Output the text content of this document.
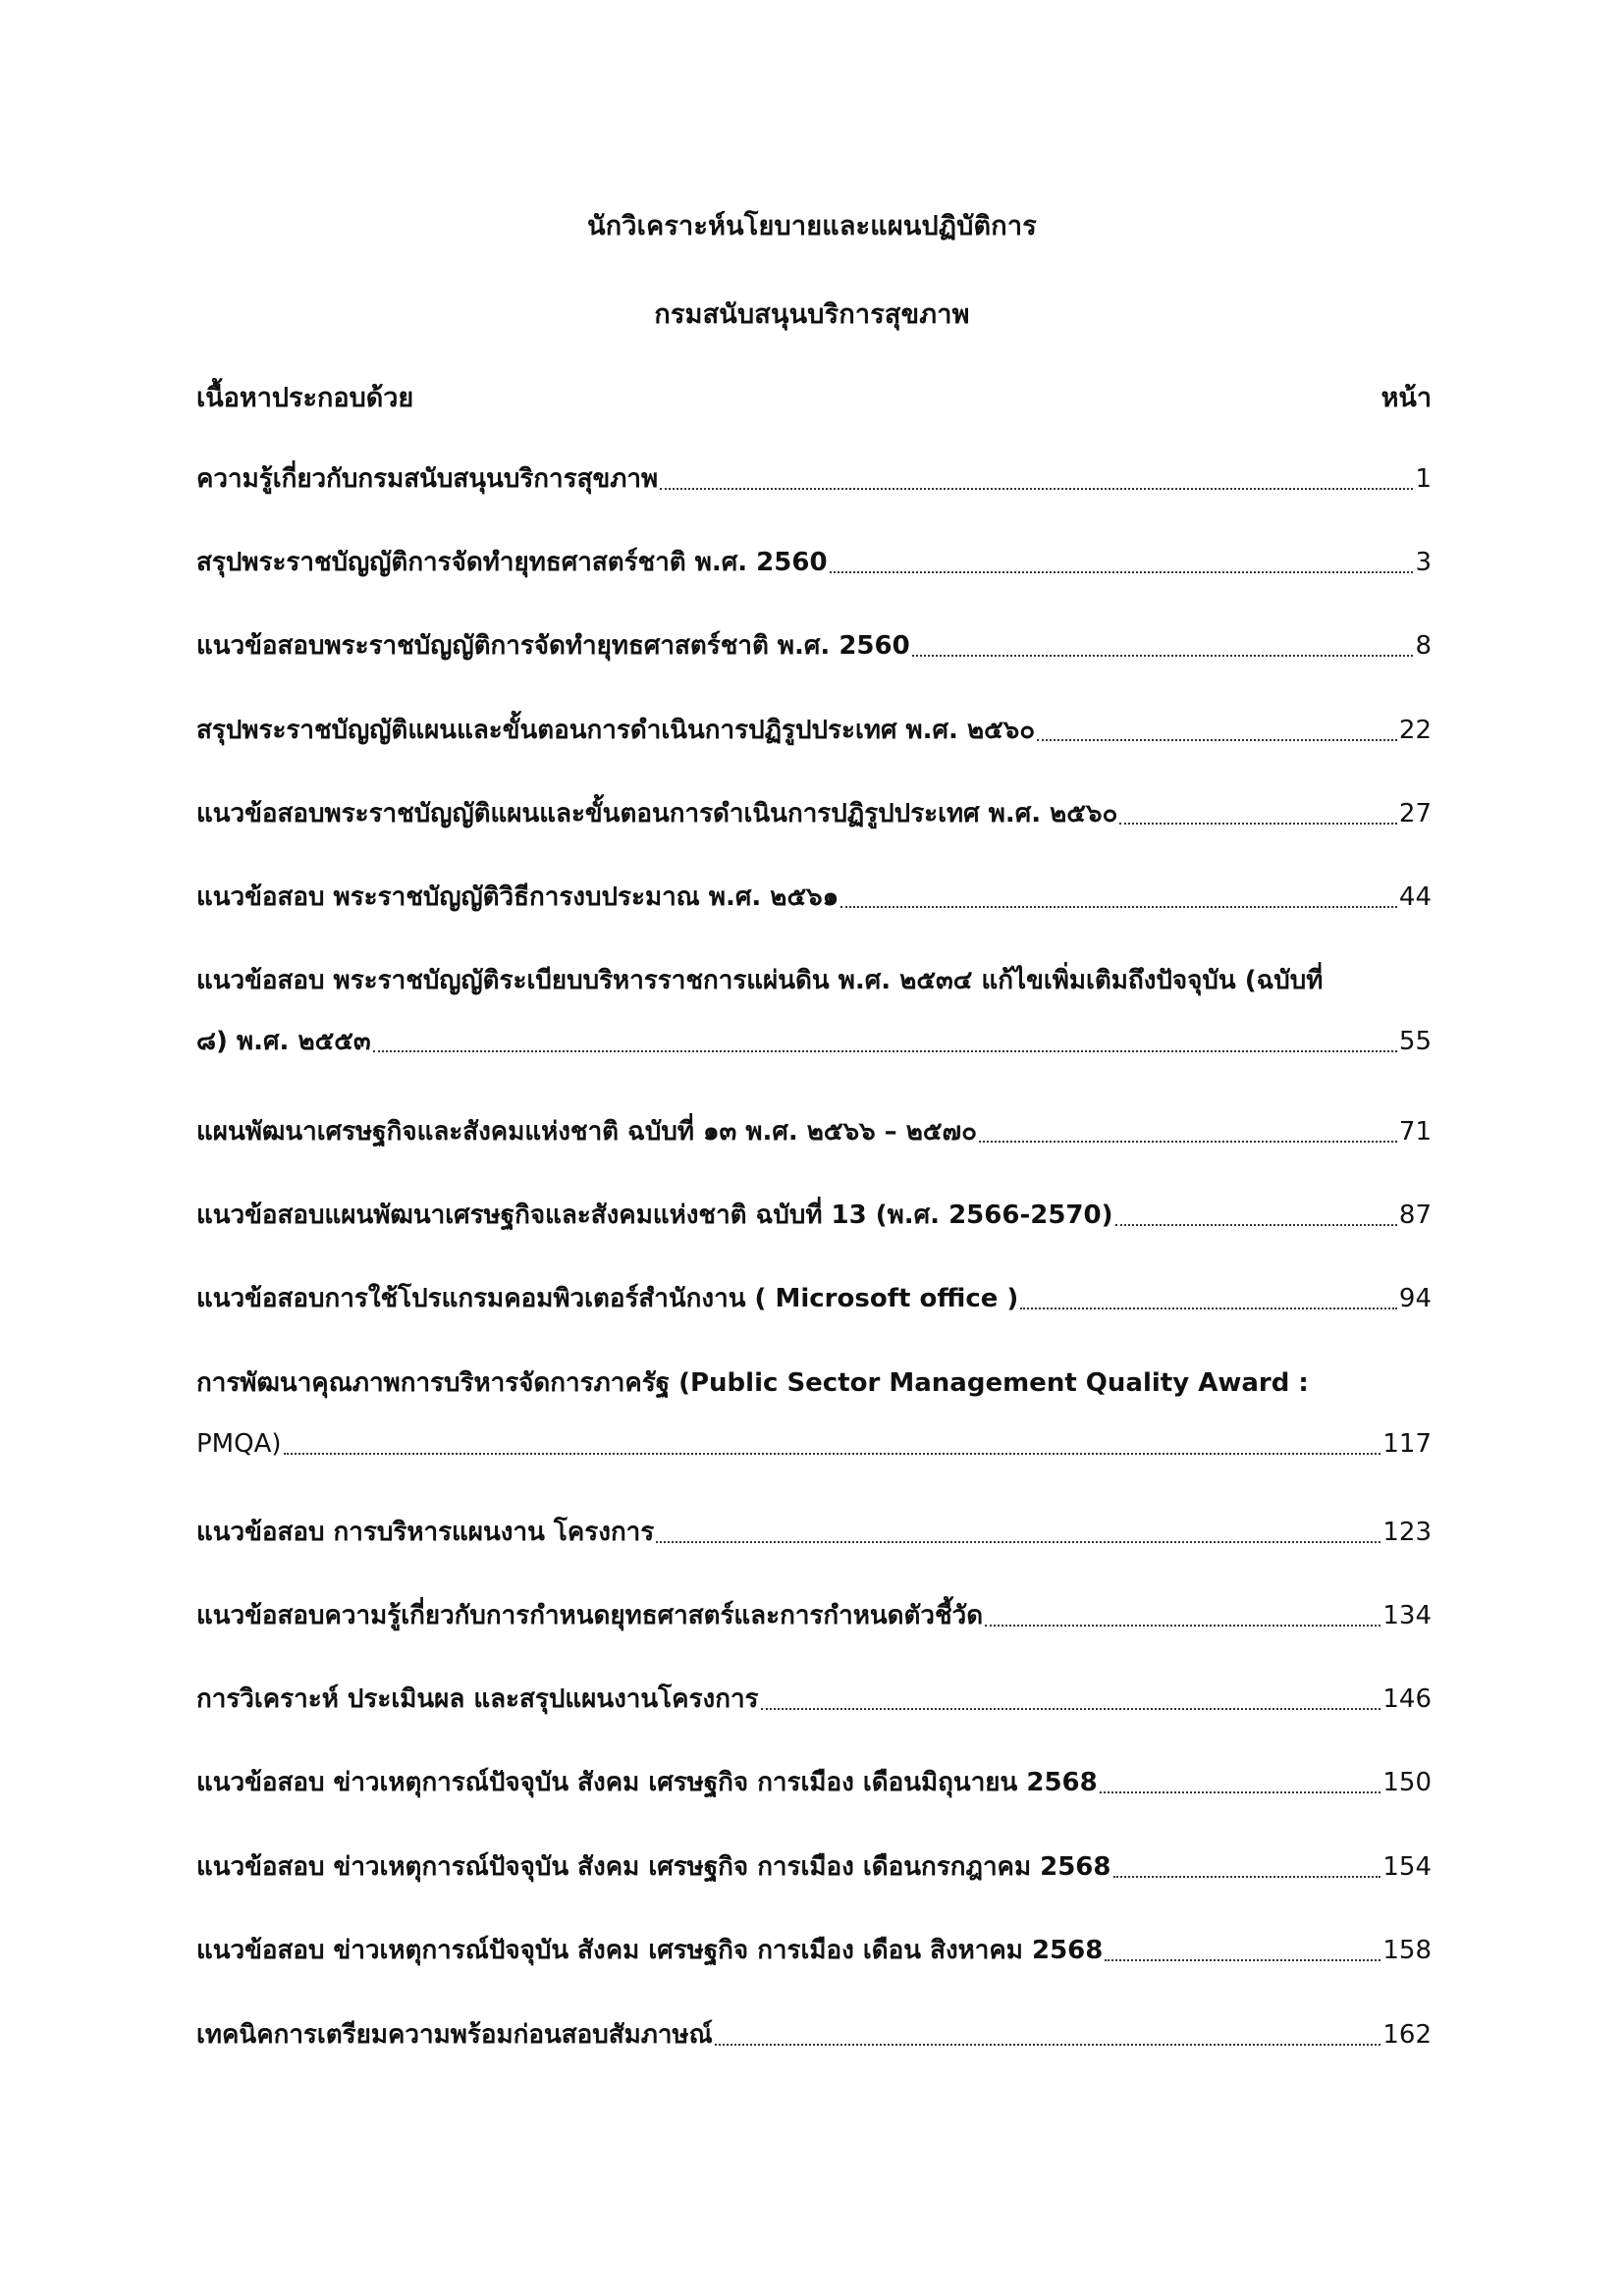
นักวิเคราะห์นโยบายและแผนปฏิบัติการ
กรมสนับสนุนบริการสุขภาพ
เนื้อหาประกอบด้วย	หน้า
ความรู้เกี่ยวกับกรมสนับสนุนบริการสุขภาพ	1
สรุปพระราชบัญญัติการจัดทำยุทธศาสตร์ชาติ พ.ศ. 2560	3
แนวข้อสอบพระราชบัญญัติการจัดทำยุทธศาสตร์ชาติ พ.ศ. 2560	8
สรุปพระราชบัญญัติแผนและขั้นตอนการดำเนินการปฏิรูปประเทศ พ.ศ. ๒๕๖๐	22
แนวข้อสอบพระราชบัญญัติแผนและขั้นตอนการดำเนินการปฏิรูปประเทศ พ.ศ. ๒๕๖๐	27
แนวข้อสอบ พระราชบัญญัติวิธีการงบประมาณ พ.ศ. ๒๕๖๑	44
แนวข้อสอบ พระราชบัญญัติระเบียบบริหารราชการแผ่นดิน พ.ศ. ๒๕๓๔ แก้ไขเพิ่มเติมถึงปัจจุบัน (ฉบับที่
๘) พ.ศ. ๒๕๕๓	55
แผนพัฒนาเศรษฐกิจและสังคมแห่งชาติ ฉบับที่ ๑๓ พ.ศ. ๒๕๖๖ – ๒๕๗๐	71
แนวข้อสอบแผนพัฒนาเศรษฐกิจและสังคมแห่งชาติ ฉบับที่ 13 (พ.ศ. 2566-2570)	87
แนวข้อสอบการใช้โปรแกรมคอมพิวเตอร์สำนักงาน ( Microsoft office )	94
การพัฒนาคุณภาพการบริหารจัดการภาครัฐ (Public Sector Management Quality Award :
PMQA)	117
แนวข้อสอบ การบริหารแผนงาน โครงการ	123
แนวข้อสอบความรู้เกี่ยวกับการกำหนดยุทธศาสตร์และการกำหนดตัวชี้วัด	134
การวิเคราะห์ ประเมินผล และสรุปแผนงานโครงการ	146
แนวข้อสอบ ข่าวเหตุการณ์ปัจจุบัน สังคม เศรษฐกิจ การเมือง เดือนมิถุนายน 2568	150
แนวข้อสอบ ข่าวเหตุการณ์ปัจจุบัน สังคม เศรษฐกิจ การเมือง เดือนกรกฎาคม 2568	154
แนวข้อสอบ ข่าวเหตุการณ์ปัจจุบัน สังคม เศรษฐกิจ การเมือง เดือน สิงหาคม 2568	158
เทคนิคการเตรียมความพร้อมก่อนสอบสัมภาษณ์	162
